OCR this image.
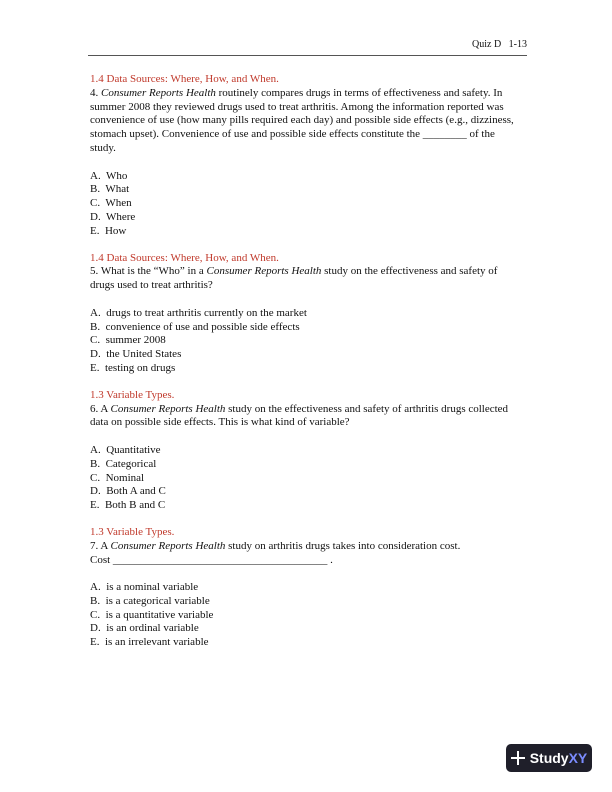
Quiz D   1-13
1.4 Data Sources: Where, How, and When.

4. Consumer Reports Health routinely compares drugs in terms of effectiveness and safety. In summer 2008 they reviewed drugs used to treat arthritis. Among the information reported was convenience of use (how many pills required each day) and possible side effects (e.g., dizziness, stomach upset). Convenience of use and possible side effects constitute the ________ of the study.

A.  Who
B.  What
C.  When
D.  Where
E.  How
1.4 Data Sources: Where, How, and When.

5. What is the “Who” in a Consumer Reports Health study on the effectiveness and safety of drugs used to treat arthritis?

A.  drugs to treat arthritis currently on the market
B.  convenience of use and possible side effects
C.  summer 2008
D.  the United States
E.  testing on drugs
1.3 Variable Types.

6. A Consumer Reports Health study on the effectiveness and safety of arthritis drugs collected data on possible side effects. This is what kind of variable?

A.  Quantitative
B.  Categorical
C.  Nominal
D.  Both A and C
E.  Both B and C
1.3 Variable Types.

7. A Consumer Reports Health study on arthritis drugs takes into consideration cost.
Cost _______________________________________ .

A.  is a nominal variable
B.  is a categorical variable
C.  is a quantitative variable
D.  is an ordinal variable
E.  is an irrelevant variable
Study XY
